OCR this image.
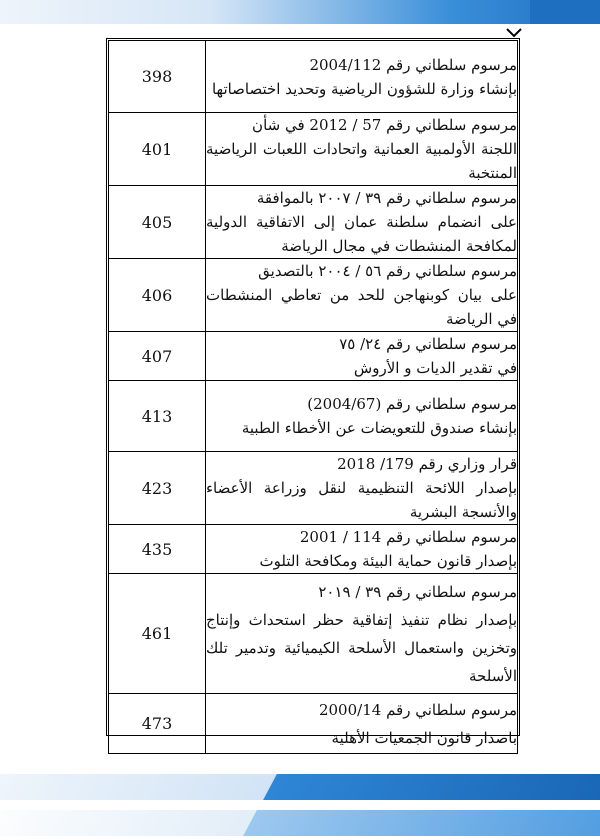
398	مرسوم سلطاني رقم 2004/112
بإنشاء وزارة للشؤون الرياضية وتحديد اختصاصاتها

401	مرسوم سلطاني رقم 57 / 2012 في شأن
اللجنة الأولمبية العمانية واتحادات اللعبات الرياضية المنتخبة

405	مرسوم سلطاني رقم ٣٩ / ٢٠٠٧ بالموافقة
على انضمام سلطنة عمان إلى الاتفاقية الدولية لمكافحة المنشطات في مجال الرياضة

406	مرسوم سلطاني رقم ٥٦ / ٢٠٠٤ بالتصديق
على بيان كوبنهاجن للحد من تعاطي المنشطات في الرياضة

407	مرسوم سلطاني رقم ٢٤/ ٧٥
في تقدير الديات و الأروش

413	مرسوم سلطاني رقم (2004/67)
بإنشاء صندوق للتعويضات عن الأخطاء الطبية

423	قرار وزاري رقم 179/ 2018
بإصدار اللائحة التنظيمية لنقل وزراعة الأعضاء والأنسجة البشرية

435	مرسوم سلطاني رقم 114 / 2001
بإصدار قانون حماية البيئة ومكافحة التلوث

461	مرسوم سلطاني رقم ٣٩ / ٢٠١٩
بإصدار نظام تنفيذ إتفاقية حظر استحداث وإنتاج وتخزين واستعمال الأسلحة الكيميائية وتدمير تلك الأسلحة

473	مرسوم سلطاني رقم 2000/14
باصدار قانون الجمعيات الأهلية
